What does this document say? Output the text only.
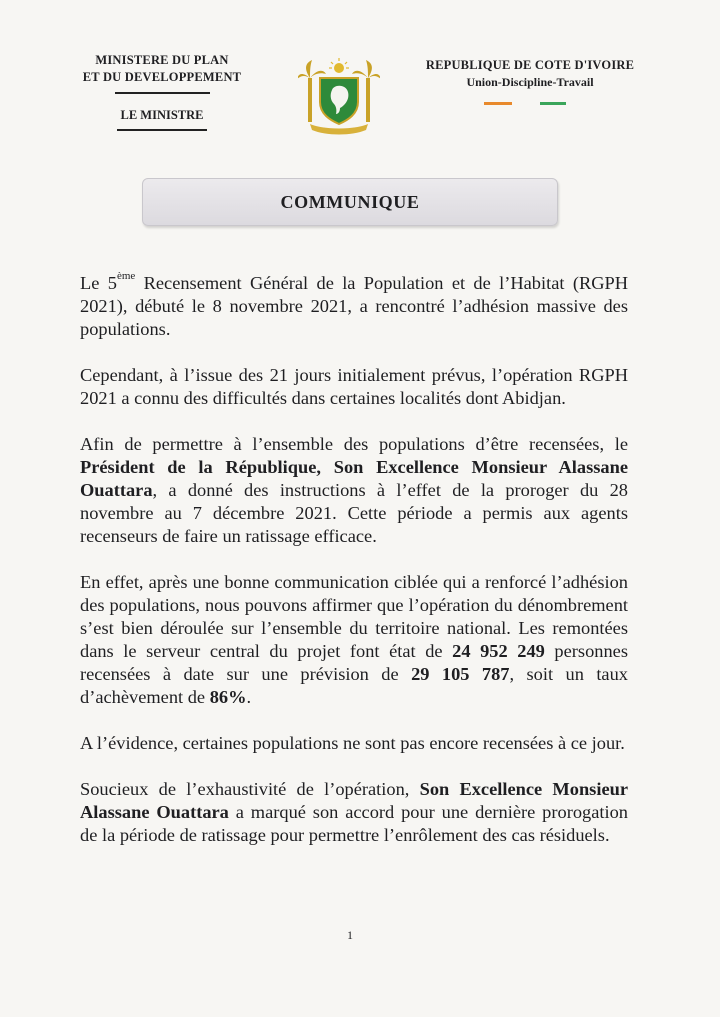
MINISTERE DU PLAN
ET DU DEVELOPPEMENT
LE MINISTRE
REPUBLIQUE DE COTE D'IVOIRE
Union-Discipline-Travail
COMMUNIQUE

Le 5ème Recensement Général de la Population et de l’Habitat (RGPH 2021), débuté le 8 novembre 2021, a rencontré l’adhésion massive des populations.

Cependant, à l’issue des 21 jours initialement prévus, l’opération RGPH 2021 a connu des difficultés dans certaines localités dont Abidjan.

Afin de permettre à l’ensemble des populations d’être recensées, le Président de la République, Son Excellence Monsieur Alassane Ouattara, a donné des instructions à l’effet de la proroger du 28 novembre au 7 décembre 2021. Cette période a permis aux agents recenseurs de faire un ratissage efficace.

En effet, après une bonne communication ciblée qui a renforcé l’adhésion des populations, nous pouvons affirmer que l’opération du dénombrement s’est bien déroulée sur l’ensemble du territoire national. Les remontées dans le serveur central du projet font état de 24 952 249 personnes recensées à date sur une prévision de 29 105 787, soit un taux d’achèvement de 86%.

A l’évidence, certaines populations ne sont pas encore recensées à ce jour.

Soucieux de l’exhaustivité de l’opération, Son Excellence Monsieur Alassane Ouattara a marqué son accord pour une dernière prorogation de la période de ratissage pour permettre l’enrôlement des cas résiduels.

1
